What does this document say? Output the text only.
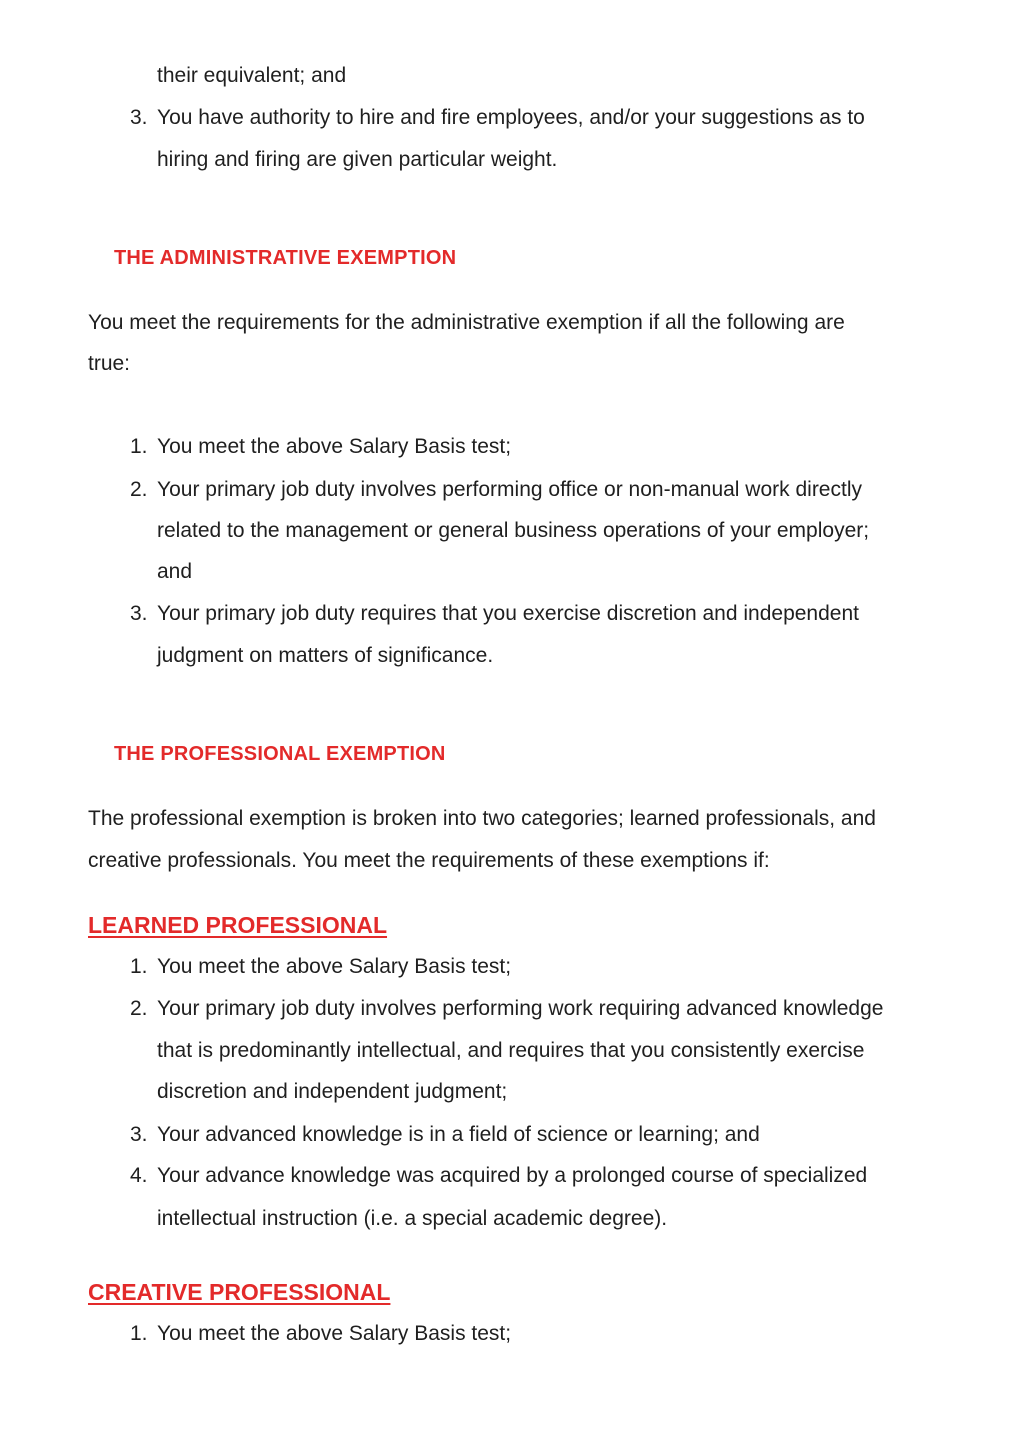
their equivalent; and
3. You have authority to hire and fire employees, and/or your suggestions as to
hiring and firing are given particular weight.
THE ADMINISTRATIVE EXEMPTION
You meet the requirements for the administrative exemption if all the following are
true:
1. You meet the above Salary Basis test;
2. Your primary job duty involves performing office or non-manual work directly
related to the management or general business operations of your employer;
and
3. Your primary job duty requires that you exercise discretion and independent
judgment on matters of significance.
THE PROFESSIONAL EXEMPTION
The professional exemption is broken into two categories; learned professionals, and
creative professionals. You meet the requirements of these exemptions if:
LEARNED PROFESSIONAL
1. You meet the above Salary Basis test;
2. Your primary job duty involves performing work requiring advanced knowledge
that is predominantly intellectual, and requires that you consistently exercise
discretion and independent judgment;
3. Your advanced knowledge is in a field of science or learning; and
4. Your advance knowledge was acquired by a prolonged course of specialized
intellectual instruction (i.e. a special academic degree).
CREATIVE PROFESSIONAL
1. You meet the above Salary Basis test;
